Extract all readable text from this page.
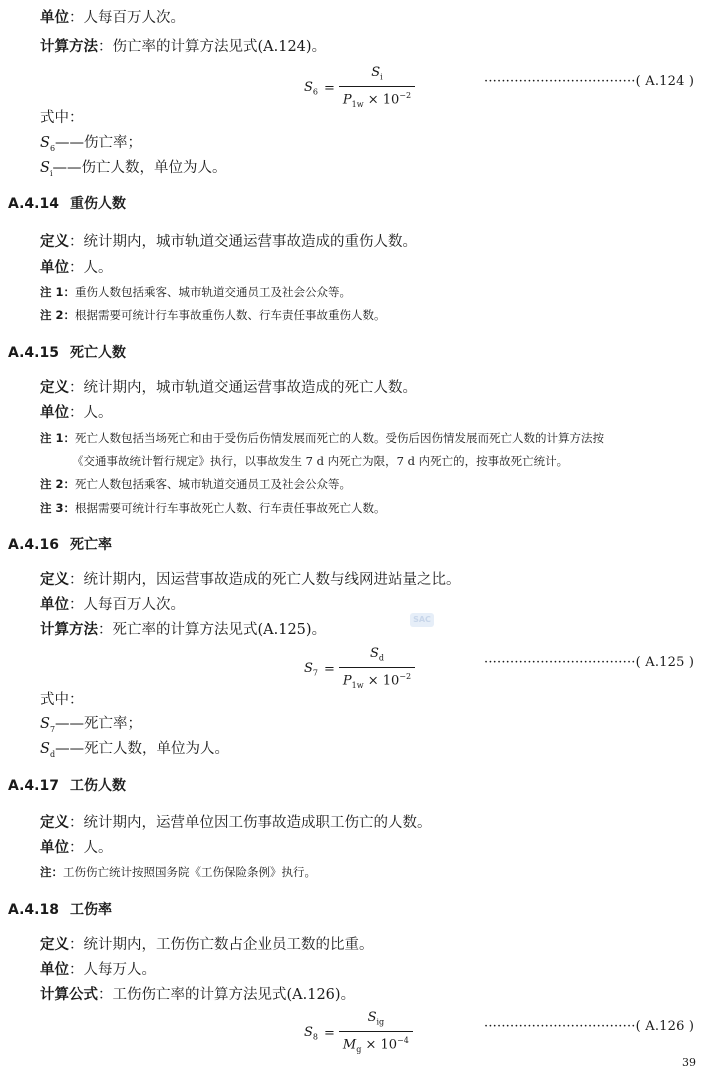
单位：人每百万人次。
计算方法：伤亡率的计算方法见式(A.124)。
$S_6 = \frac{S_i}{P_{1w} \times 10^{-2}}$	···································( A.124 )
式中：
$S_6——$伤亡率；
$S_i——$伤亡人数，单位为人。
A.4.14 重伤人数
定义：统计期内，城市轨道交通运营事故造成的重伤人数。
单位：人。
注 1：重伤人数包括乘客、城市轨道交通员工及社会公众等。
注 2：根据需要可统计行车事故重伤人数、行车责任事故重伤人数。
A.4.15 死亡人数
定义：统计期内，城市轨道交通运营事故造成的死亡人数。
单位：人。
注 1：死亡人数包括当场死亡和由于受伤后伤情发展而死亡的人数。受伤后因伤情发展而死亡人数的计算方法按
《交通事故统计暂行规定》执行，以事故发生 7 d 内死亡为限，7 d 内死亡的，按事故死亡统计。
注 2：死亡人数包括乘客、城市轨道交通员工及社会公众等。
注 3：根据需要可统计行车事故死亡人数、行车责任事故死亡人数。
A.4.16 死亡率
定义：统计期内，因运营事故造成的死亡人数与线网进站量之比。
单位：人每百万人次。
计算方法：死亡率的计算方法见式(A.125)。
SAC
$S_7 = \frac{S_d}{P_{1w} \times 10^{-2}}$	···································( A.125 )
式中：
$S_7——$死亡率；
$S_d——$死亡人数，单位为人。
A.4.17 工伤人数
定义：统计期内，运营单位因工伤事故造成职工伤亡的人数。
单位：人。
注：工伤伤亡统计按照国务院《工伤保险条例》执行。
A.4.18 工伤率
定义：统计期内，工伤伤亡数占企业员工数的比重。
单位：人每万人。
计算公式：工伤伤亡率的计算方法见式(A.126)。
$S_8 = \frac{S_{ig}}{M_g \times 10^{-4}}$	···································( A.126 )
39
